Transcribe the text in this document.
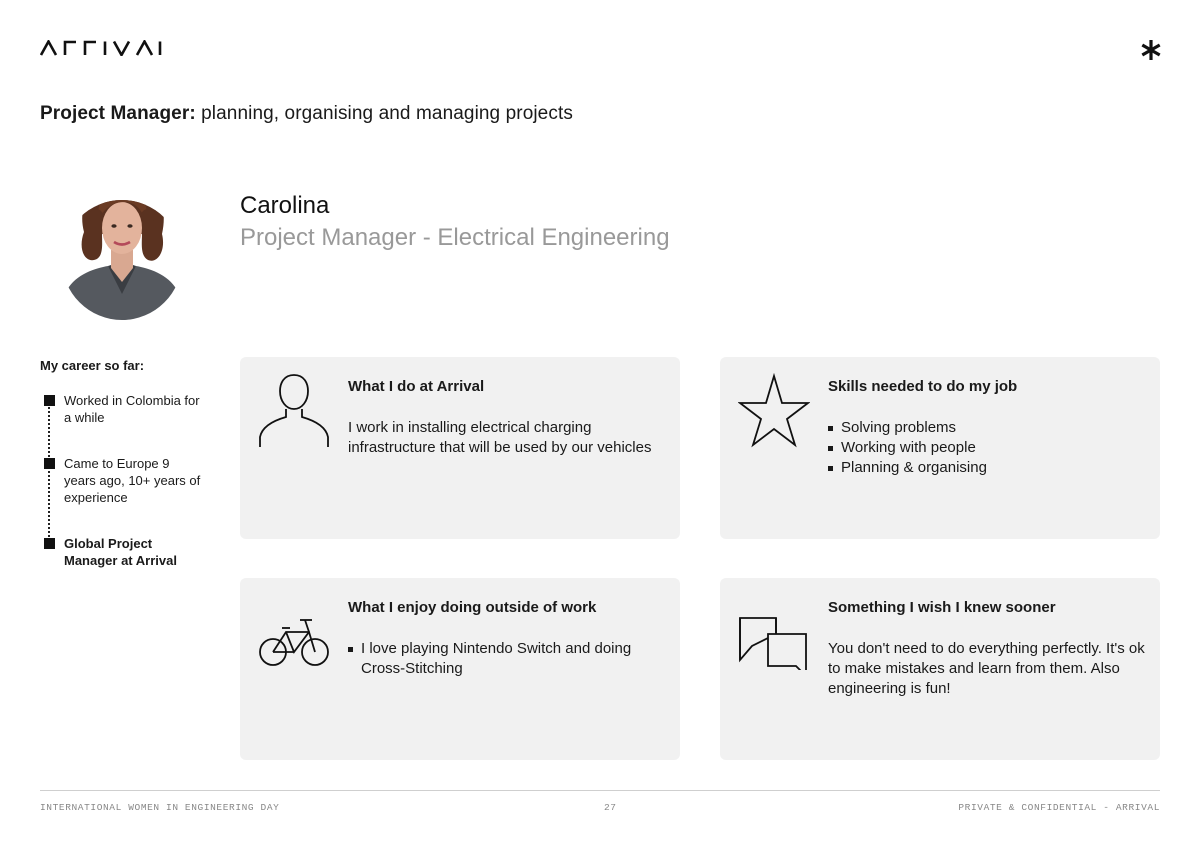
Project Manager: planning, organising and managing projects
Carolina
Project Manager - Electrical Engineering
My career so far:
Worked in Colombia for a while
Came to Europe 9 years ago, 10+ years of experience
Global Project Manager at Arrival
What I do at Arrival
I work in installing electrical charging infrastructure that will be used by our vehicles
Skills needed to do my job
Solving problems
Working with people
Planning & organising
What I enjoy doing outside of work
I love playing Nintendo Switch and doing Cross-Stitching
Something I wish I knew sooner
You don't need to do everything perfectly. It's ok to make mistakes and learn from them. Also engineering is fun!
INTERNATIONAL WOMEN IN ENGINEERING DAY	27	PRIVATE & CONFIDENTIAL - ARRIVAL
